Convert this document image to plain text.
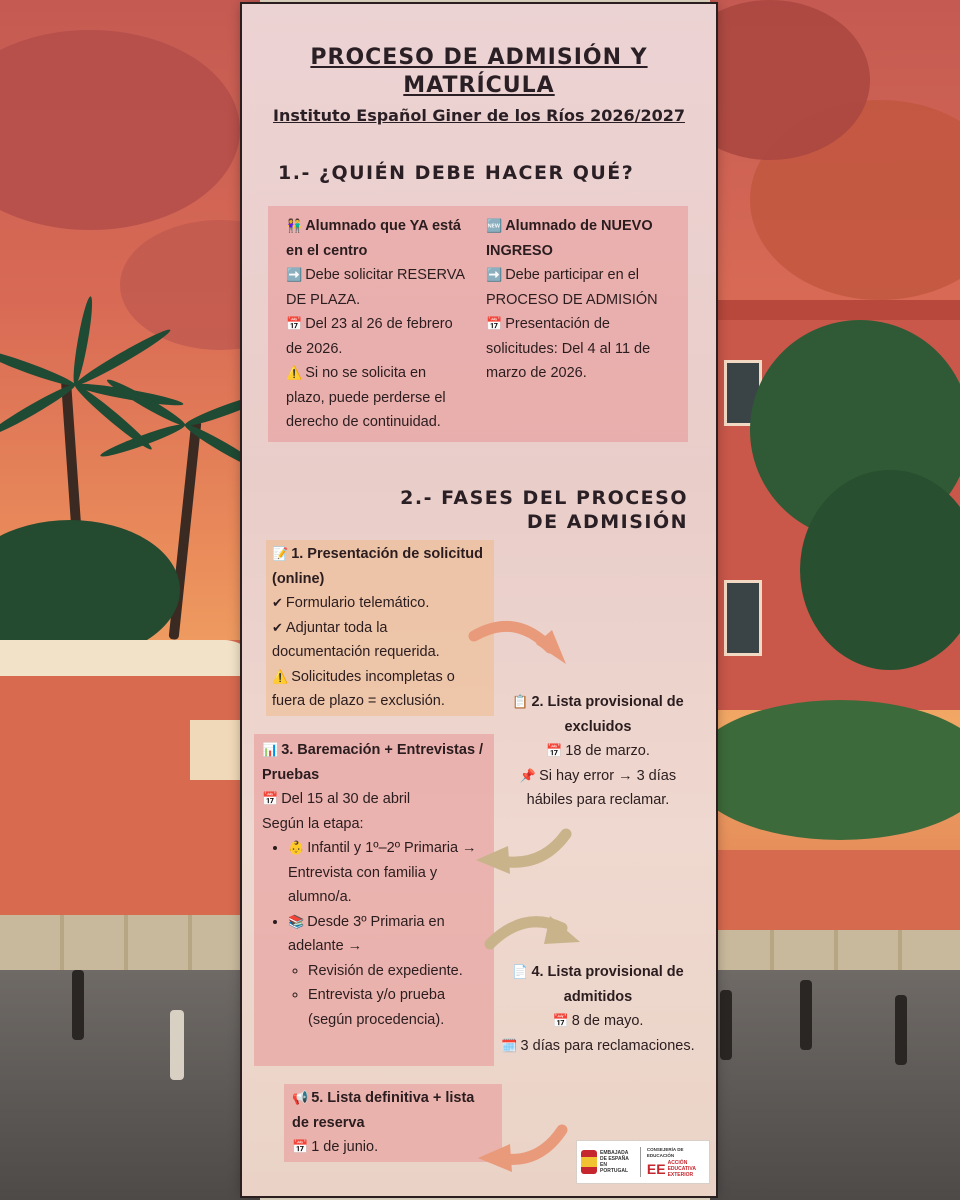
PROCESO DE ADMISIÓN Y MATRÍCULA
Instituto Español Giner de los Ríos 2026/2027
1.- ¿QUIÉN DEBE HACER QUÉ?
👫 Alumnado que YA está en el centro
➡️ Debe solicitar RESERVA DE PLAZA.
📅 Del 23 al 26 de febrero de 2026.
⚠️ Si no se solicita en plazo, puede perderse el derecho de continuidad.
🆕 Alumnado de NUEVO INGRESO
➡️ Debe participar en el PROCESO DE ADMISIÓN
📅 Presentación de solicitudes: Del 4 al 11 de marzo de 2026.
2.- FASES DEL PROCESO
DE ADMISIÓN
📝 1. Presentación de solicitud (online)
✔ Formulario telemático.
✔ Adjuntar toda la documentación requerida.
⚠️ Solicitudes incompletas o fuera de plazo = exclusión.	📋 2. Lista provisional de excluidos
📅 18 de marzo.
📌 Si hay error → 3 días hábiles para reclamar.
📊 3. Baremación + Entrevistas / Pruebas
📅 Del 15 al 30 de abril
Según la etapa:
• 👶 Infantil y 1º–2º Primaria → Entrevista con familia y alumno/a.
• 📚 Desde 3º Primaria en adelante →
◦ Revisión de expediente.
◦ Entrevista y/o prueba (según procedencia).
📄 4. Lista provisional de admitidos
📅 8 de mayo.
🗓️ 3 días para reclamaciones.
📢 5. Lista definitiva + lista de reserva
📅 1 de junio.	EMBAJADA DE ESPAÑA EN PORTUGAL
CONSEJERÍA DE EDUCACIÓN
EE ACCIÓN EDUCATIVA EXTERIOR
